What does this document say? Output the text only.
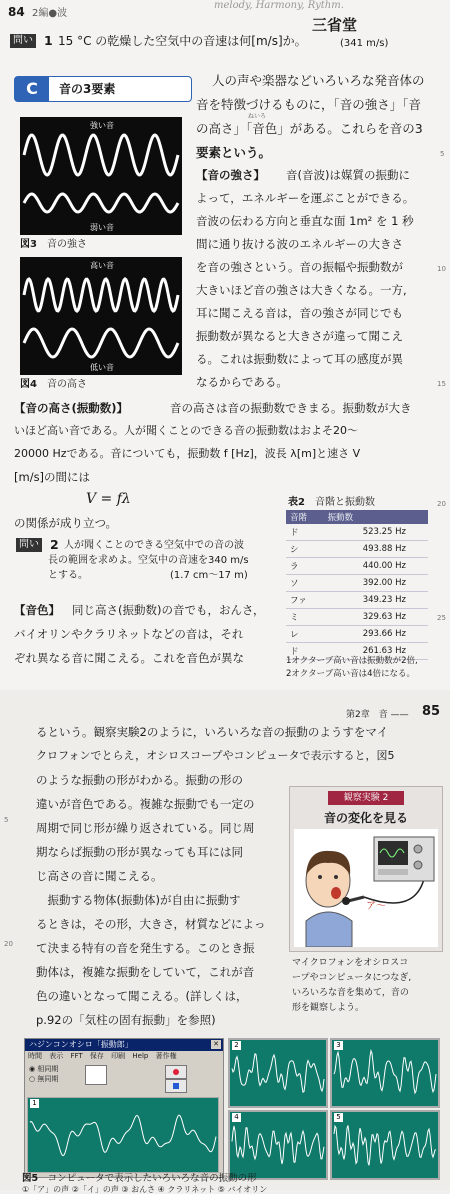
84 2編●波
melody, Harmony, Rythm.
三省堂
問い 1 15 °C の乾燥した空気中の音速は何[m/s]か。	(341 m/s)
C	音の3要素
強い音
弱い音
図3　 音の強さ
高い音
低い音
図4　 音の高さ
人の声や楽器などいろいろな発音体の
音を特徴づけるものに，「音の強さ」「音
ねいろ
の高さ」「音色」がある。これらを音の3
要素という。
【音の強さ】 音(音波)は媒質の振動に
よって，エネルギーを運ぶことができる。
音波の伝わる方向と垂直な面 1m² を 1 秒
間に通り抜ける波のエネルギーの大きさ
を音の強さという。音の振幅や振動数が
大きいほど音の強さは大きくなる。一方,
耳に聞こえる音は，音の強さが同じでも
振動数が異なると大きさが違って聞こえ
る。これは振動数によって耳の感度が異
なるからである。
【音の高さ(振動数)】	音の高さは音の振動数できまる。振動数が大き
いほど高い音である。人が聞くことのできる音の振動数はおよそ20～
20000 Hzである。音についても，振動数 f [Hz]，波長 λ[m]と速さ V
[m/s]の間には
V = fλ
の関係が成り立つ。
問い 2 人が聞くことのできる空気中での音の波
長の範囲を求めよ。空気中の音速を340 m/s
とする。	(1.7 cm～17 m)
【音色】 同じ高さ(振動数)の音でも，おんさ，
バイオリンやクラリネットなどの音は，それ
ぞれ異なる音に聞こえる。これを音色が異な
表2　 音階と振動数
音階	振動数
ド	523.25 Hz
シ	493.88 Hz
ラ	440.00 Hz
ソ	392.00 Hz
ファ	349.23 Hz
ミ	329.63 Hz
レ	293.66 Hz
ド	261.63 Hz
1オクターブ高い音は振動数が2倍,
2オクターブ高い音は4倍になる。
5
10
15
20
25
第2章　 音 —— 85
るという。観察実験2のように，いろいろな音の振動のようすをマイ
クロフォンでとらえ，オシロスコープやコンピュータで表示すると，図5
のような振動の形がわかる。振動の形の
違いが音色である。複雑な振動でも一定の
周期で同じ形が繰り返されている。同じ周
期ならば振動の形が異なっても耳には同
じ高さの音に聞こえる。
　振動する物体(振動体)が自由に振動す
るときは，その形，大きさ，材質などによっ
て決まる特有の音を発生する。このとき振
動体は，複雑な振動をしていて，これが音
色の違いとなって聞こえる。(詳しくは，
p.92の「気柱の固有振動」を参照)
観察実験 2
音の変化を見る
ア～
マイクロフォンをオシロスコ
ープやコンピュータにつなぎ,
いろいろな音を集めて，音の
形を観察しよう。
ハジンコンオシロ「振動郎」	✕
時間 表示 FFT 保存 印刷 Help 著作権
◉ 相同期
○ 無同期
1
2	3
4	5
図5　 コンピュータで表示したいろいろな音の振動の形
①「ア」の声 ②「イ」の声 ③ おんさ ④ クラリネット ⑤ バイオリン
5
20
